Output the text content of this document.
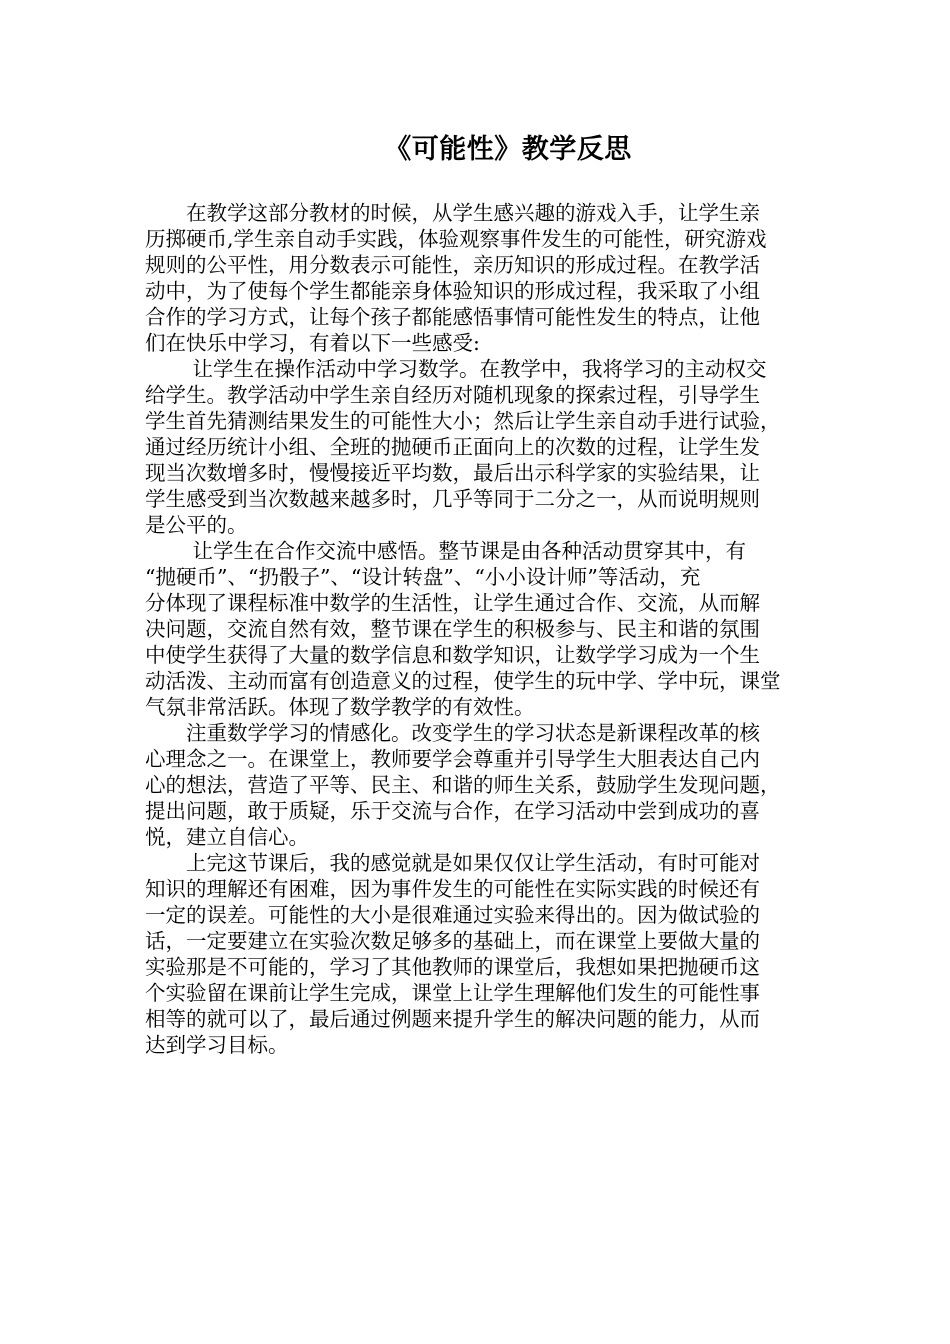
《可能性》教学反思
　　在教学这部分教材的时候，从学生感兴趣的游戏入手，让学生亲
历掷硬币,学生亲自动手实践，体验观察事件发生的可能性，研究游戏
规则的公平性，用分数表示可能性，亲历知识的形成过程。在教学活
动中，为了使每个学生都能亲身体验知识的形成过程，我采取了小组
合作的学习方式，让每个孩子都能感悟事情可能性发生的特点，让他
们在快乐中学习，有着以下一些感受:
　　 让学生在操作活动中学习数学。在教学中，我将学习的主动权交
给学生。教学活动中学生亲自经历对随机现象的探索过程，引导学生
学生首先猜测结果发生的可能性大小；然后让学生亲自动手进行试验，
通过经历统计小组、全班的抛硬币正面向上的次数的过程，让学生发
现当次数增多时，慢慢接近平均数，最后出示科学家的实验结果，让
学生感受到当次数越来越多时，几乎等同于二分之一，从而说明规则
是公平的。
　　 让学生在合作交流中感悟。整节课是由各种活动贯穿其中，有
“抛硬币”、“扔骰子”、“设计转盘”、“小小设计师”等活动，充
分体现了课程标准中数学的生活性，让学生通过合作、交流，从而解
决问题，交流自然有效，整节课在学生的积极参与、民主和谐的氛围
中使学生获得了大量的数学信息和数学知识，让数学学习成为一个生
动活泼、主动而富有创造意义的过程，使学生的玩中学、学中玩，课堂
气氛非常活跃。体现了数学教学的有效性。
　　注重数学学习的情感化。改变学生的学习状态是新课程改革的核
心理念之一。在课堂上，教师要学会尊重并引导学生大胆表达自己内
心的想法，营造了平等、民主、和谐的师生关系，鼓励学生发现问题，
提出问题，敢于质疑，乐于交流与合作，在学习活动中尝到成功的喜
悦，建立自信心。
　　上完这节课后，我的感觉就是如果仅仅让学生活动，有时可能对
知识的理解还有困难，因为事件发生的可能性在实际实践的时候还有
一定的误差。可能性的大小是很难通过实验来得出的。因为做试验的
话，一定要建立在实验次数足够多的基础上，而在课堂上要做大量的
实验那是不可能的，学习了其他教师的课堂后，我想如果把抛硬币这
个实验留在课前让学生完成，课堂上让学生理解他们发生的可能性事
相等的就可以了，最后通过例题来提升学生的解决问题的能力，从而
达到学习目标。
